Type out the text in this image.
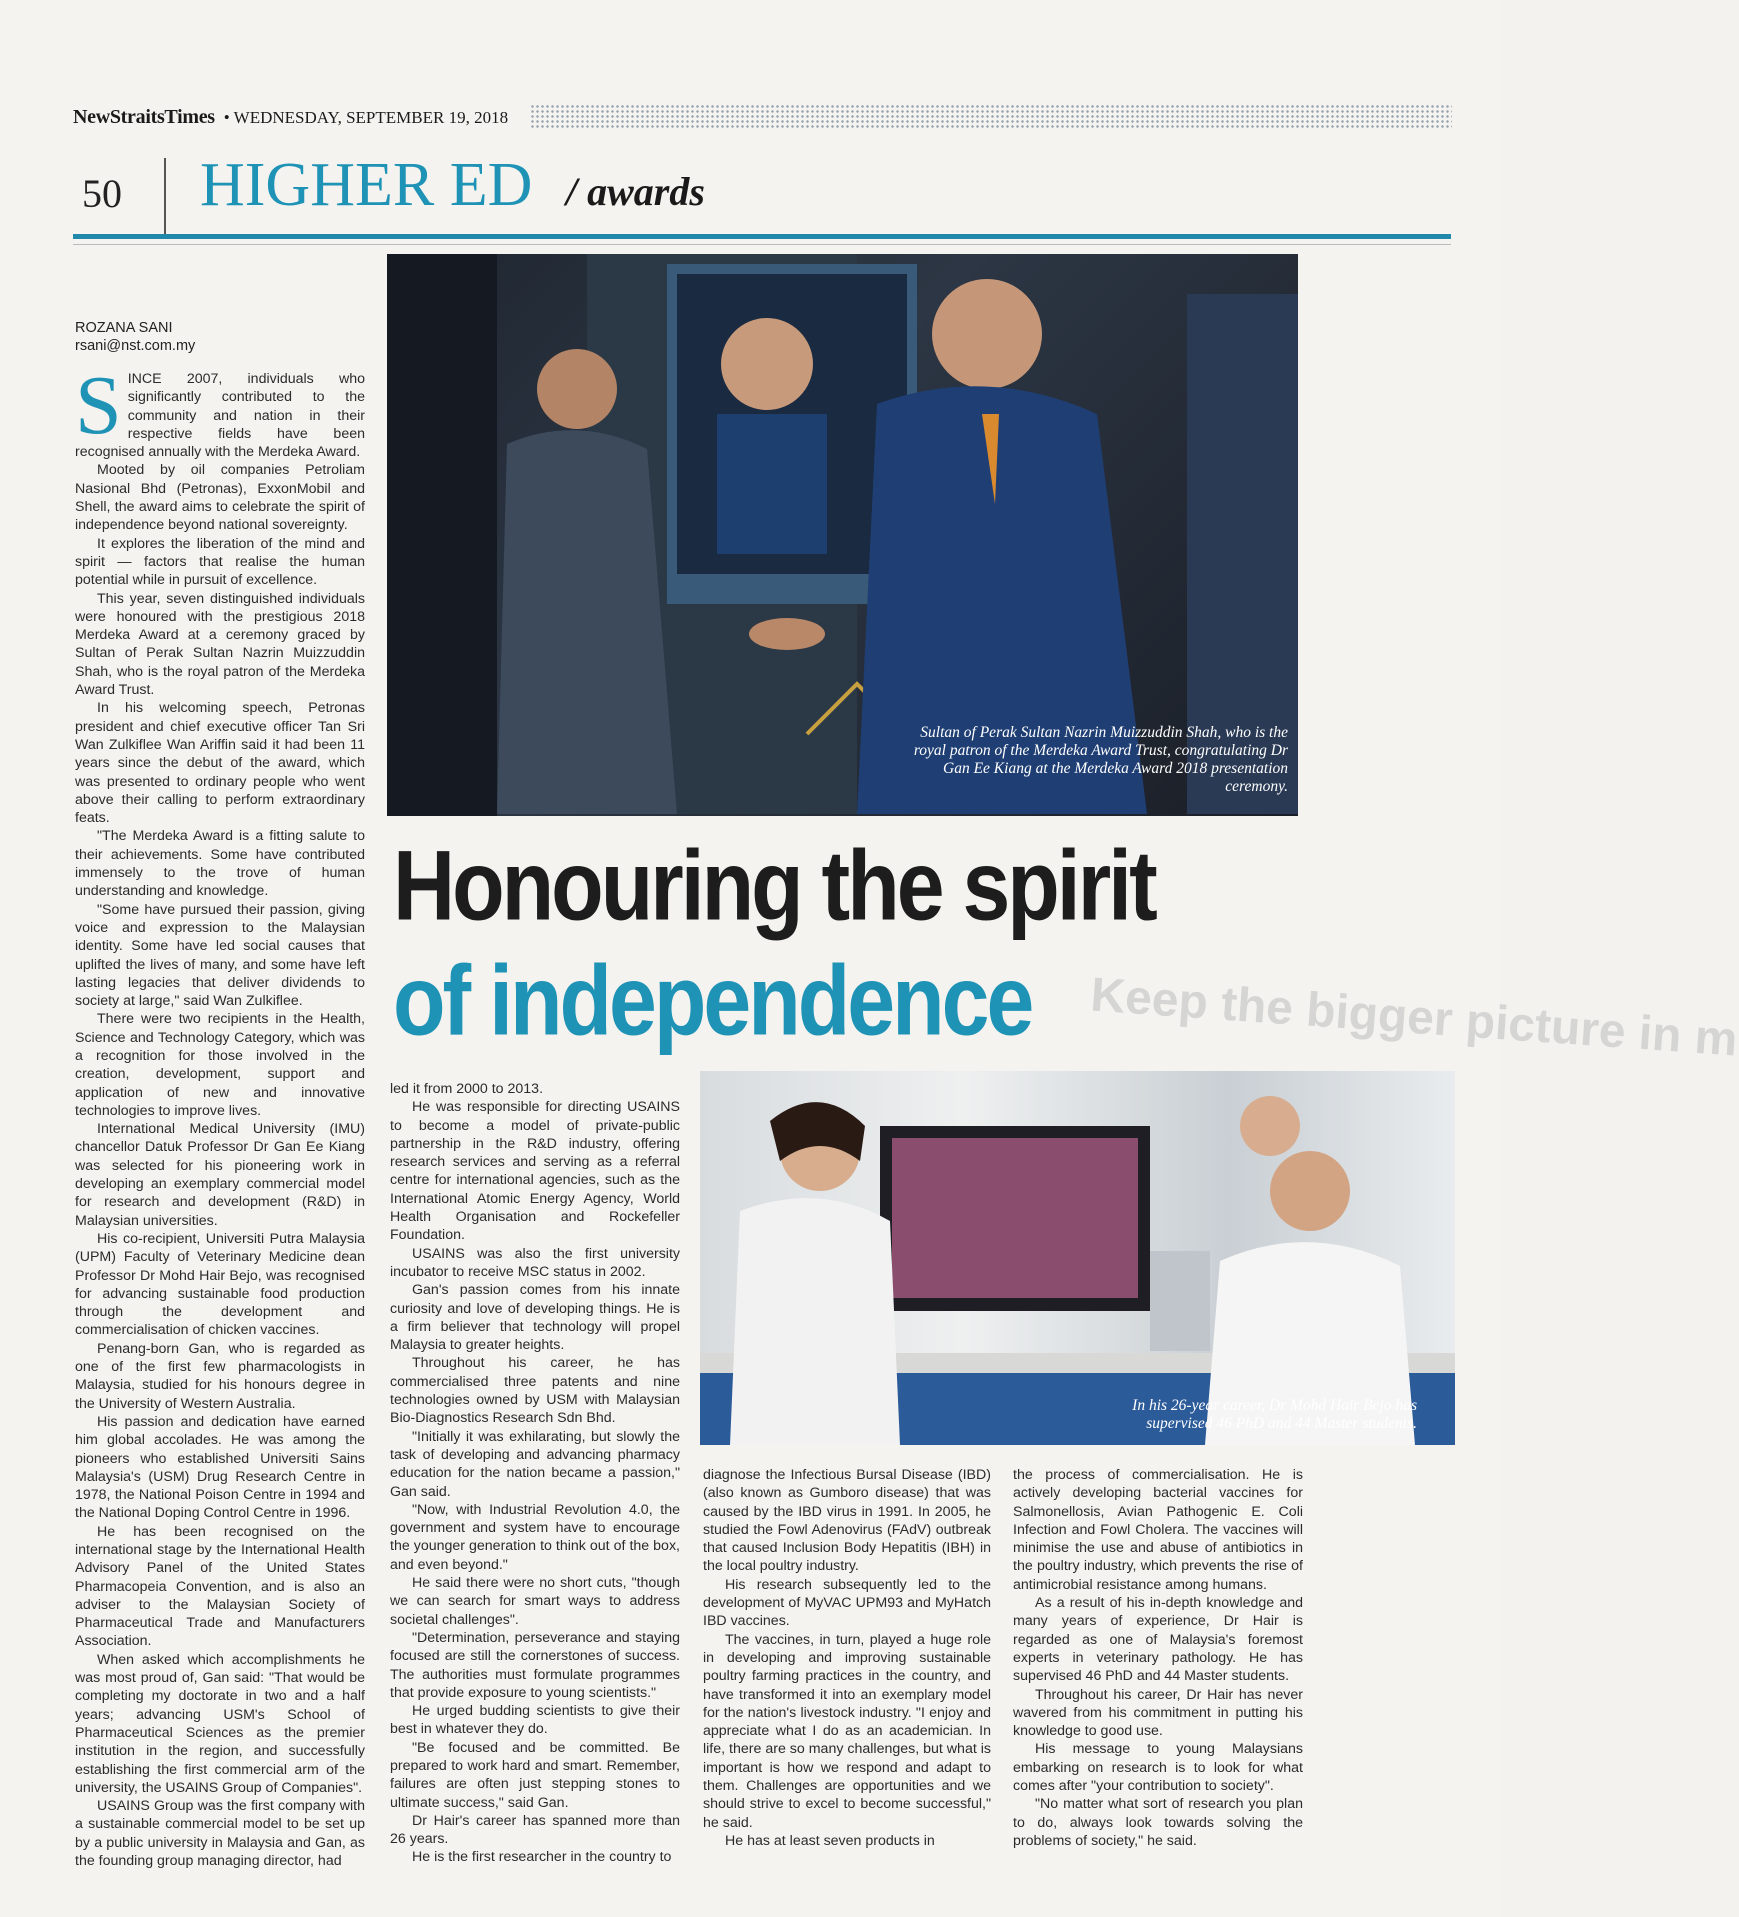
NewStraitsTimes • WEDNESDAY, SEPTEMBER 19, 2018
50 HIGHER ED / awards
ROZANA SANI
rsani@nst.com.my

SINCE 2007, individuals who significantly contributed to the community and nation in their respective fields have been recognised annually with the Merdeka Award.

Mooted by oil companies Petroliam Nasional Bhd (Petronas), ExxonMobil and Shell, the award aims to celebrate the spirit of independence beyond national sovereignty.

It explores the liberation of the mind and spirit — factors that realise the human potential while in pursuit of excellence.

This year, seven distinguished individuals were honoured with the prestigious 2018 Merdeka Award at a ceremony graced by Sultan of Perak Sultan Nazrin Muizzuddin Shah, who is the royal patron of the Merdeka Award Trust.

In his welcoming speech, Petronas president and chief executive officer Tan Sri Wan Zulkiflee Wan Ariffin said it had been 11 years since the debut of the award, which was presented to ordinary people who went above their calling to perform extraordinary feats.

"The Merdeka Award is a fitting salute to their achievements. Some have contributed immensely to the trove of human understanding and knowledge.

"Some have pursued their passion, giving voice and expression to the Malaysian identity. Some have led social causes that uplifted the lives of many, and some have left lasting legacies that deliver dividends to society at large," said Wan Zulkiflee.

There were two recipients in the Health, Science and Technology Category, which was a recognition for those involved in the creation, development, support and application of new and innovative technologies to improve lives.

International Medical University (IMU) chancellor Datuk Professor Dr Gan Ee Kiang was selected for his pioneering work in developing an exemplary commercial model for research and development (R&D) in Malaysian universities.

His co-recipient, Universiti Putra Malaysia (UPM) Faculty of Veterinary Medicine dean Professor Dr Mohd Hair Bejo, was recognised for advancing sustainable food production through the development and commercialisation of chicken vaccines.

Penang-born Gan, who is regarded as one of the first few pharmacologists in Malaysia, studied for his honours degree in the University of Western Australia.

His passion and dedication have earned him global accolades. He was among the pioneers who established Universiti Sains Malaysia's (USM) Drug Research Centre in 1978, the National Poison Centre in 1994 and the National Doping Control Centre in 1996.

He has been recognised on the international stage by the International Health Advisory Panel of the United States Pharmacopeia Convention, and is also an adviser to the Malaysian Society of Pharmaceutical Trade and Manufacturers Association.

When asked which accomplishments he was most proud of, Gan said: "That would be completing my doctorate in two and a half years; advancing USM's School of Pharmaceutical Sciences as the premier institution in the region, and successfully establishing the first commercial arm of the university, the USAINS Group of Companies".

USAINS Group was the first company with a sustainable commercial model to be set up by a public university in Malaysia and Gan, as the founding group managing director, had

Sultan of Perak Sultan Nazrin Muizzuddin Shah, who is the royal patron of the Merdeka Award Trust, congratulating Dr Gan Ee Kiang at the Merdeka Award 2018 presentation ceremony.
Keep the bigger picture in m
Honouring the spirit
of independence

led it from 2000 to 2013.

He was responsible for directing USAINS to become a model of private-public partnership in the R&D industry, offering research services and serving as a referral centre for international agencies, such as the International Atomic Energy Agency, World Health Organisation and Rockefeller Foundation.

USAINS was also the first university incubator to receive MSC status in 2002.

Gan's passion comes from his innate curiosity and love of developing things. He is a firm believer that technology will propel Malaysia to greater heights.

Throughout his career, he has commercialised three patents and nine technologies owned by USM with Malaysian Bio-Diagnostics Research Sdn Bhd.

"Initially it was exhilarating, but slowly the task of developing and advancing pharmacy education for the nation became a passion," Gan said.

"Now, with Industrial Revolution 4.0, the government and system have to encourage the younger generation to think out of the box, and even beyond."

He said there were no short cuts, "though we can search for smart ways to address societal challenges".

"Determination, perseverance and staying focused are still the cornerstones of success. The authorities must formulate programmes that provide exposure to young scientists."

He urged budding scientists to give their best in whatever they do.

"Be focused and be committed. Be prepared to work hard and smart. Remember, failures are often just stepping stones to ultimate success," said Gan.

Dr Hair's career has spanned more than 26 years.

He is the first researcher in the country to

In his 26-year career, Dr Mohd Hair Bejo has supervised 46 PhD and 44 Master students.

diagnose the Infectious Bursal Disease (IBD) (also known as Gumboro disease) that was caused by the IBD virus in 1991. In 2005, he studied the Fowl Adenovirus (FAdV) outbreak that caused Inclusion Body Hepatitis (IBH) in the local poultry industry.

His research subsequently led to the development of MyVAC UPM93 and MyHatch IBD vaccines.

The vaccines, in turn, played a huge role in developing and improving sustainable poultry farming practices in the country, and have transformed it into an exemplary model for the nation's livestock industry. "I enjoy and appreciate what I do as an academician. In life, there are so many challenges, but what is important is how we respond and adapt to them. Challenges are opportunities and we should strive to excel to become successful," he said.

He has at least seven products in

the process of commercialisation. He is actively developing bacterial vaccines for Salmonellosis, Avian Pathogenic E. Coli Infection and Fowl Cholera. The vaccines will minimise the use and abuse of antibiotics in the poultry industry, which prevents the rise of antimicrobial resistance among humans.

As a result of his in-depth knowledge and many years of experience, Dr Hair is regarded as one of Malaysia's foremost experts in veterinary pathology. He has supervised 46 PhD and 44 Master students.

Throughout his career, Dr Hair has never wavered from his commitment in putting his knowledge to good use.

His message to young Malaysians embarking on research is to look for what comes after "your contribution to society".

"No matter what sort of research you plan to do, always look towards solving the problems of society," he said.
